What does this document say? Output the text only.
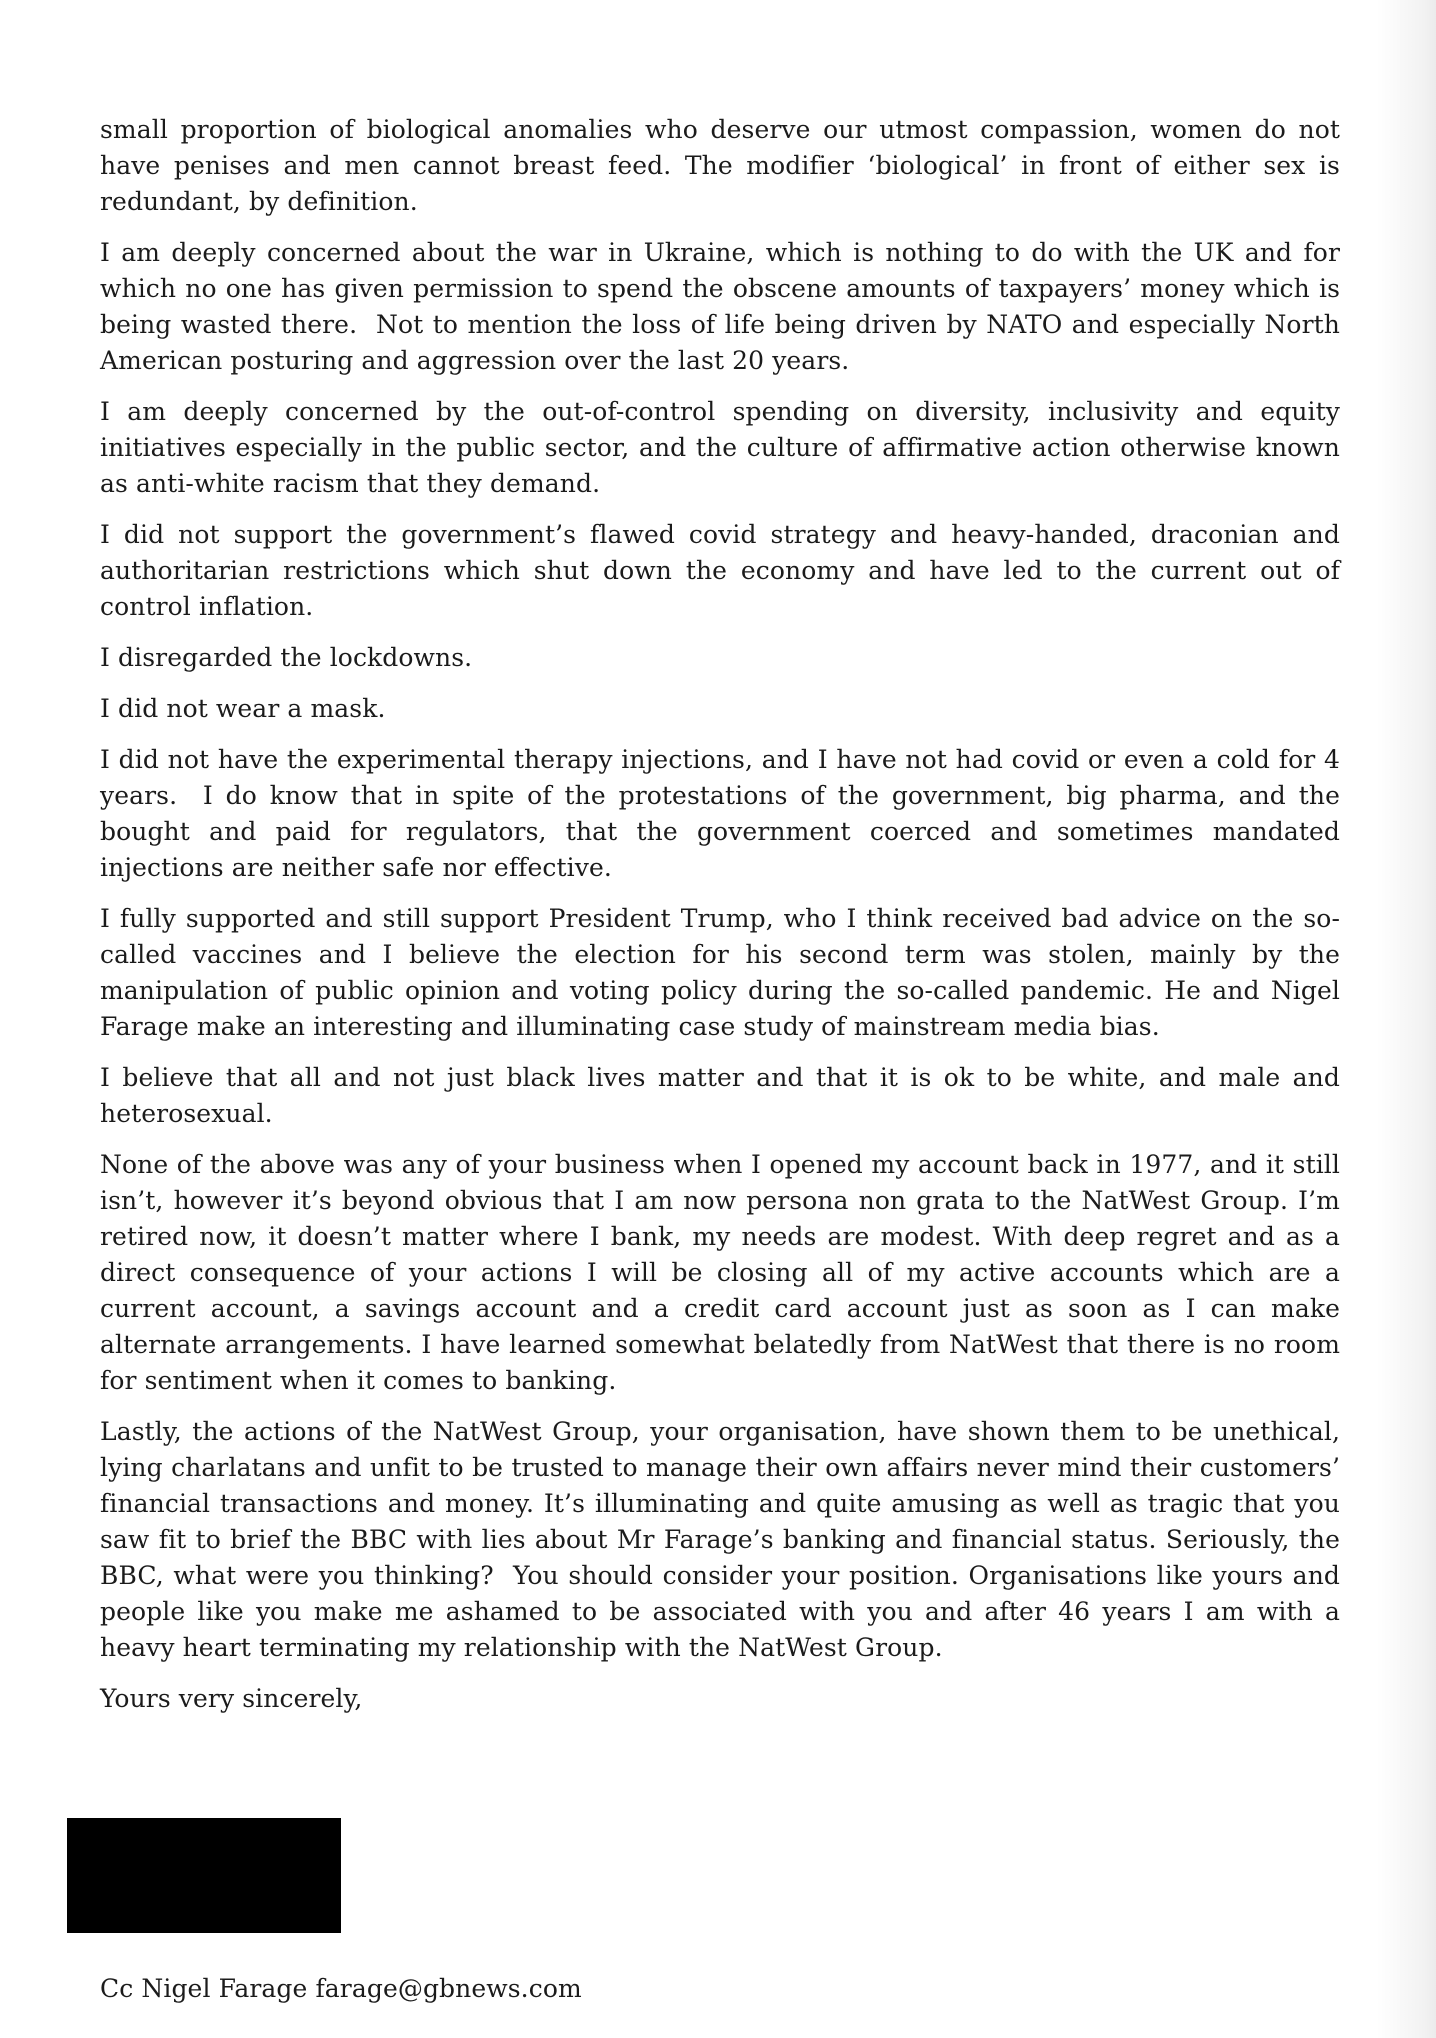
small proportion of biological anomalies who deserve our utmost compassion, women do not have penises and men cannot breast feed. The modifier ‘biological’ in front of either sex is redundant, by definition.

I am deeply concerned about the war in Ukraine, which is nothing to do with the UK and for which no one has given permission to spend the obscene amounts of taxpayers’ money which is being wasted there.  Not to mention the loss of life being driven by NATO and especially North American posturing and aggression over the last 20 years.

I am deeply concerned by the out-of-control spending on diversity, inclusivity and equity initiatives especially in the public sector, and the culture of affirmative action otherwise known as anti-white racism that they demand.

I did not support the government’s flawed covid strategy and heavy-handed, draconian and authoritarian restrictions which shut down the economy and have led to the current out of control inflation.

I disregarded the lockdowns.

I did not wear a mask.

I did not have the experimental therapy injections, and I have not had covid or even a cold for 4 years.  I do know that in spite of the protestations of the government, big pharma, and the bought and paid for regulators, that the government coerced and sometimes mandated injections are neither safe nor effective.

I fully supported and still support President Trump, who I think received bad advice on the so-called vaccines and I believe the election for his second term was stolen, mainly by the manipulation of public opinion and voting policy during the so-called pandemic. He and Nigel Farage make an interesting and illuminating case study of mainstream media bias.

I believe that all and not just black lives matter and that it is ok to be white, and male and heterosexual.

None of the above was any of your business when I opened my account back in 1977, and it still isn’t, however it’s beyond obvious that I am now persona non grata to the NatWest Group. I’m retired now, it doesn’t matter where I bank, my needs are modest. With deep regret and as a direct consequence of your actions I will be closing all of my active accounts which are a current account, a savings account and a credit card account just as soon as I can make alternate arrangements. I have learned somewhat belatedly from NatWest that there is no room for sentiment when it comes to banking.

Lastly, the actions of the NatWest Group, your organisation, have shown them to be unethical, lying charlatans and unfit to be trusted to manage their own affairs never mind their customers’ financial transactions and money. It’s illuminating and quite amusing as well as tragic that you saw fit to brief the BBC with lies about Mr Farage’s banking and financial status. Seriously, the BBC, what were you thinking?  You should consider your position. Organisations like yours and people like you make me ashamed to be associated with you and after 46 years I am with a heavy heart terminating my relationship with the NatWest Group.

Yours very sincerely,

Cc Nigel Farage farage@gbnews.com
